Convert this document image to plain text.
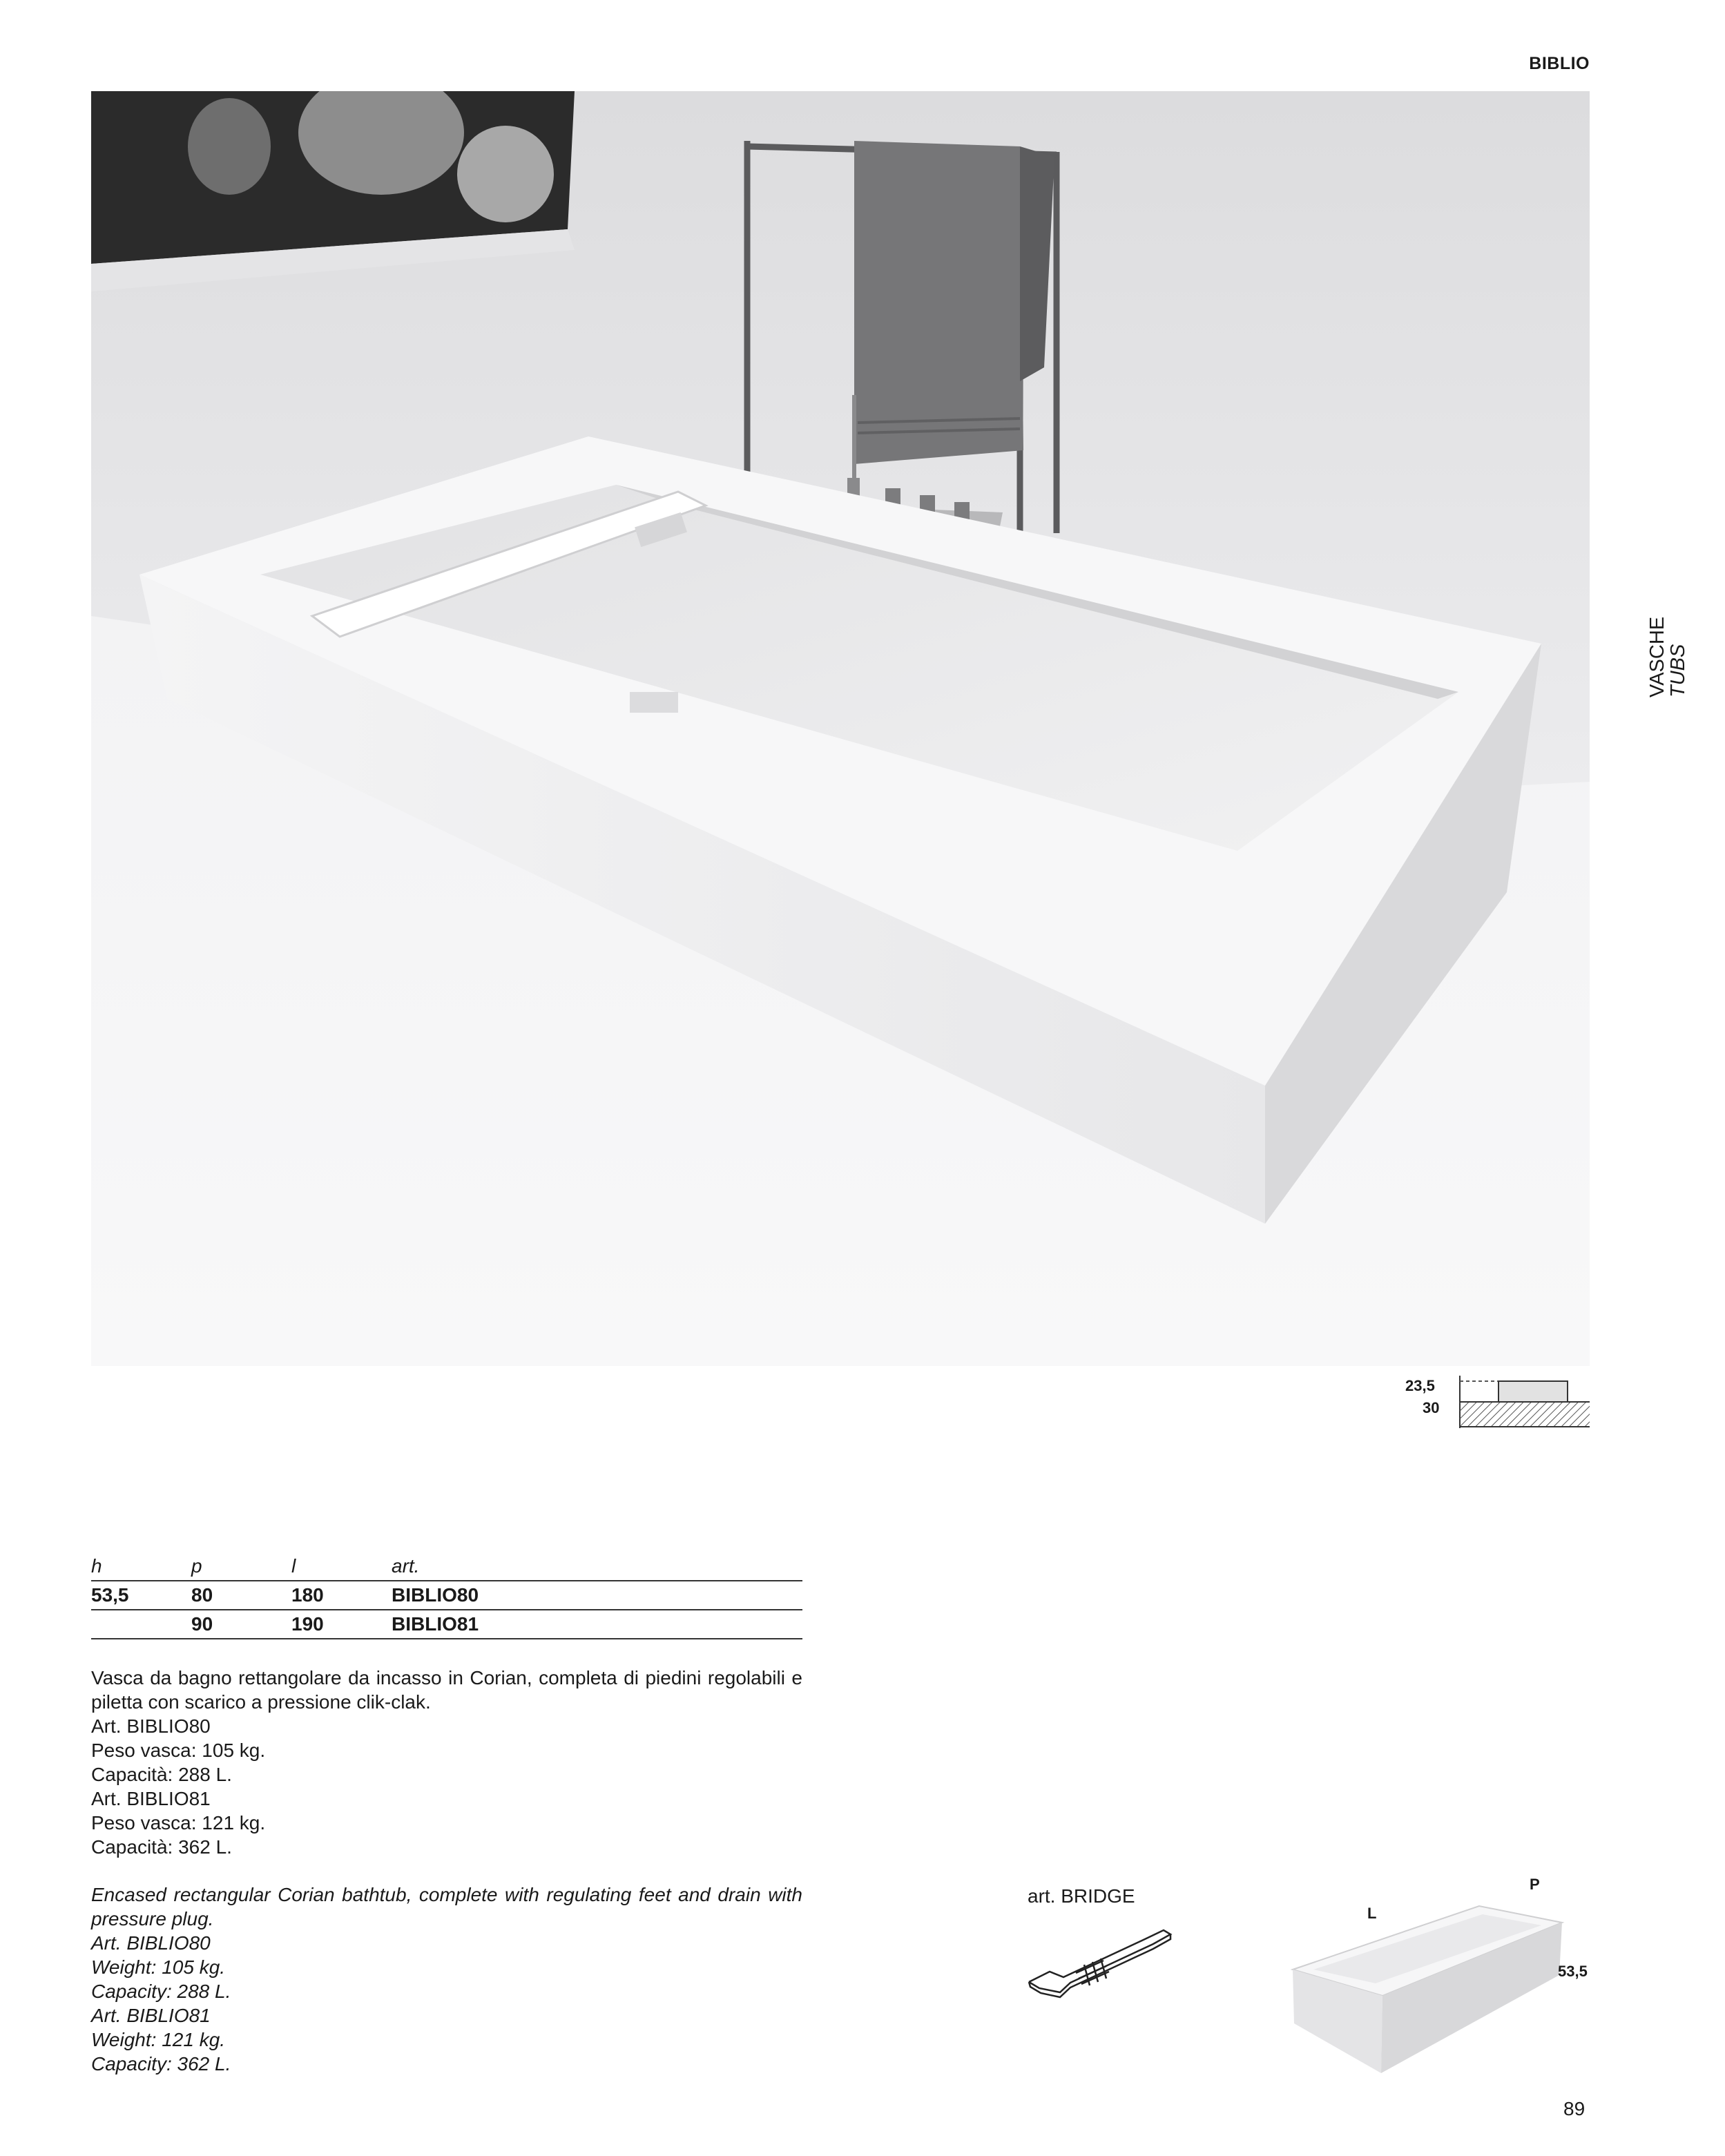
BIBLIO
VASCHE
TUBS
23,5
30
h	p	l	art.
53,5	80	180	BIBLIO80
	90	190	BIBLIO81
Vasca da bagno rettangolare da incasso in Corian, completa di piedini regolabili e piletta con scarico a pressione clik-clak.
Art. BIBLIO80
Peso vasca: 105 kg.
Capacità: 288 L.
Art. BIBLIO81
Peso vasca: 121 kg.
Capacità: 362 L.
Encased rectangular Corian bathtub, complete with regulating feet and drain with pressure plug.
Art. BIBLIO80
Weight: 105 kg.
Capacity: 288 L.
Art. BIBLIO81
Weight: 121 kg.
Capacity: 362 L.
art. BRIDGE
P
L
53,5
89
